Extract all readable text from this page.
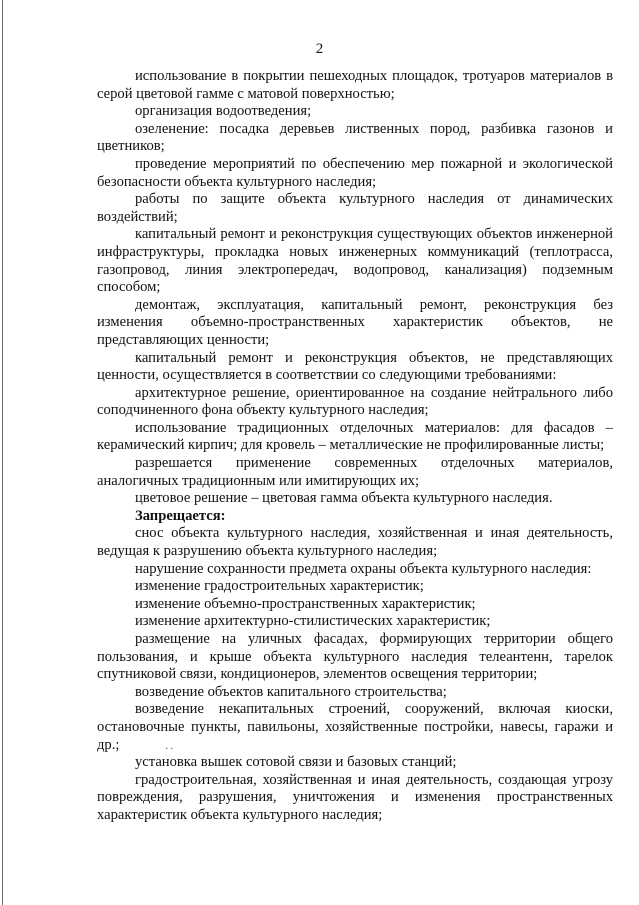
2

использование в покрытии пешеходных площадок, тротуаров материалов в серой цветовой гамме с матовой поверхностью;

организация водоотведения;

озеленение: посадка деревьев лиственных пород, разбивка газонов и цветников;

проведение мероприятий по обеспечению мер пожарной и экологической безопасности объекта культурного наследия;

работы по защите объекта культурного наследия от динамических воздействий;

капитальный ремонт и реконструкция существующих объектов инженерной инфраструктуры, прокладка новых инженерных коммуникаций (теплотрасса, газопровод, линия электропередач, водопровод, канализация) подземным способом;

демонтаж, эксплуатация, капитальный ремонт, реконструкция без изменения объемно-пространственных характеристик объектов, не представляющих ценности;

капитальный ремонт и реконструкция объектов, не представляющих ценности, осуществляется в соответствии со следующими требованиями:

архитектурное решение, ориентированное на создание нейтрального либо соподчиненного фона объекту культурного наследия;

использование традиционных отделочных материалов: для фасадов – керамический кирпич; для кровель – металлические не профилированные листы;

разрешается применение современных отделочных материалов, аналогичных традиционным или имитирующих их;

цветовое решение – цветовая гамма объекта культурного наследия.

Запрещается:

снос объекта культурного наследия, хозяйственная и иная деятельность, ведущая к разрушению объекта культурного наследия;

нарушение сохранности предмета охраны объекта культурного наследия:

изменение градостроительных характеристик;

изменение объемно-пространственных характеристик;

изменение архитектурно-стилистических характеристик;

размещение на уличных фасадах, формирующих территории общего пользования, и крыше объекта культурного наследия телеантенн, тарелок спутниковой связи, кондиционеров, элементов освещения территории;

возведение объектов капитального строительства;

возведение некапитальных строений, сооружений, включая киоски, остановочные пункты, павильоны, хозяйственные постройки, навесы, гаражи и др.;	. .

установка вышек сотовой связи и базовых станций;

градостроительная, хозяйственная и иная деятельность, создающая угрозу повреждения, разрушения, уничтожения и изменения пространственных характеристик объекта культурного наследия;
